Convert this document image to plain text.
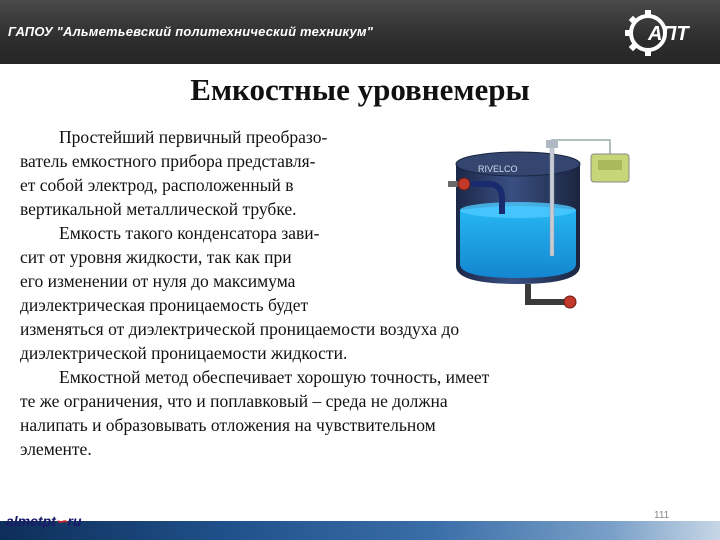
ГАПОУ "Альметьевский политехнический техникум"	АПТ
Емкостные уровнемеры
Простейший первичный преобразо-
ватель емкостного прибора представля-
ет собой электрод, расположенный в
вертикальной металлической трубке.
Емкость такого конденсатора зави-
сит от уровня жидкости, так как при
его изменении от нуля до максимума
диэлектрическая проницаемость будет
изменяться от диэлектрической проницаемости воздуха до
диэлектрической проницаемости жидкости.
Емкостной метод обеспечивает хорошую точность, имеет
те же ограничения, что и поплавковый – среда не должна
налипать и образовывать отложения на чувствительном
элементе.
RIVELCO
almetpt∽ru	111
